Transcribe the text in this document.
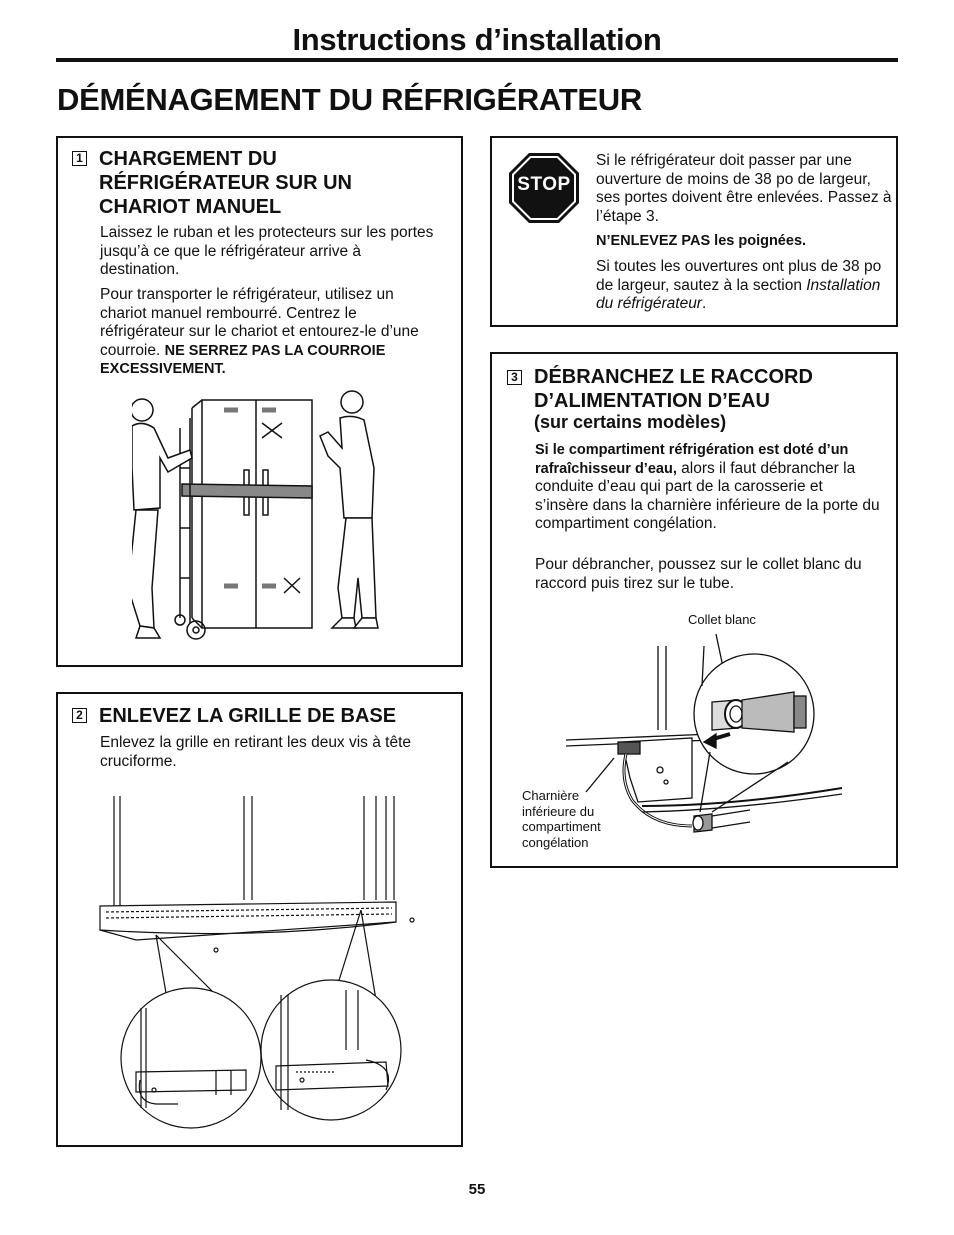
Instructions d’installation
DÉMÉNAGEMENT DU RÉFRIGÉRATEUR
1 CHARGEMENT DU
RÉFRIGÉRATEUR SUR UN
CHARIOT MANUEL
Laissez le ruban et les protecteurs sur les portes jusqu’à ce que le réfrigérateur arrive à destination.
Pour transporter le réfrigérateur, utilisez un chariot manuel rembourré. Centrez le réfrigérateur sur le chariot et entourez-le d’une courroie. NE SERREZ PAS LA COURROIE EXCESSIVEMENT.
2 ENLEVEZ LA GRILLE DE BASE
Enlevez la grille en retirant les deux vis à tête cruciforme.
STOP
Si le réfrigérateur doit passer par une ouverture de moins de 38 po de largeur, ses portes doivent être enlevées. Passez à l’étape 3.
N’ENLEVEZ PAS les poignées.
Si toutes les ouvertures ont plus de 38 po de largeur, sautez à la section Installation du réfrigérateur.
3 DÉBRANCHEZ LE RACCORD
D’ALIMENTATION D’EAU
(sur certains modèles)
Si le compartiment réfrigération est doté d’un rafraîchisseur d’eau, alors il faut débrancher la conduite d’eau qui part de la carosserie et s’insère dans la charnière inférieure de la porte du compartiment congélation.
Pour débrancher, poussez sur le collet blanc du raccord puis tirez sur le tube.
Collet blanc
Charnière
inférieure du
compartiment
congélation
55
